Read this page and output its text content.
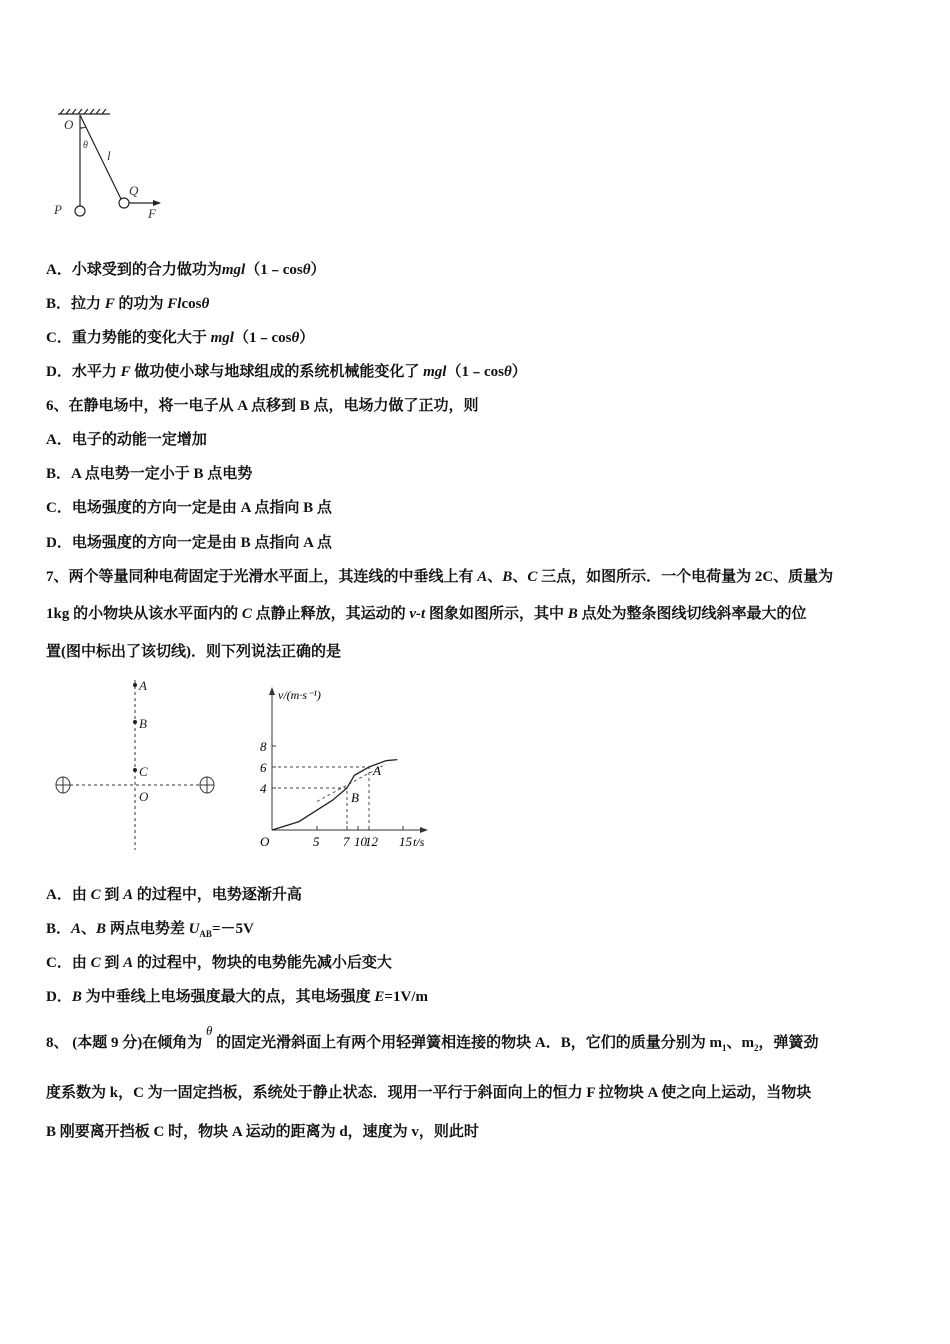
O
θ
l
Q
P	F
A．小球受到的合力做功为mgl（1﹣cosθ）
B．拉力 F 的功为 Flcosθ
C．重力势能的变化大于 mgl（1﹣cosθ）
D．水平力 F 做功使小球与地球组成的系统机械能变化了 mgl（1﹣cosθ）
6、在静电场中，将一电子从 A 点移到 B 点，电场力做了正功，则
A．电子的动能一定增加
B．A 点电势一定小于 B 点电势
C．电场强度的方向一定是由 A 点指向 B 点
D．电场强度的方向一定是由 B 点指向 A 点
7、两个等量同种电荷固定于光滑水平面上，其连线的中垂线上有 A、B、C 三点，如图所示．一个电荷量为 2C、质量为
1kg 的小物块从该水平面内的 C 点静止释放，其运动的 v-t 图象如图所示，其中 B 点处为整条图线切线斜率最大的位
置(图中标出了该切线)．则下列说法正确的是
A．由 C 到 A 的过程中，电势逐渐升高
B．A、B 两点电势差 $U_{AB}=-5V$
C．由 C 到 A 的过程中，物块的电势能先减小后变大
D．B 为中垂线上电场强度最大的点，其电场强度 E=1V/m
8、 (本题 9 分)在倾角为 θ 的固定光滑斜面上有两个用轻弹簧相连接的物块 A．B，它们的质量分别为 $m_1$、$m_2$，弹簧劲
度系数为 k，C 为一固定挡板，系统处于静止状态．现用一平行于斜面向上的恒力 F 拉物块 A 使之向上运动，当物块
B 刚要离开挡板 C 时，物块 A 运动的距离为 d，速度为 v，则此时
A
B
C
O
v/(m·s⁻¹)
t/s
O
4
6
8
5 7 10
12 15
B
A
